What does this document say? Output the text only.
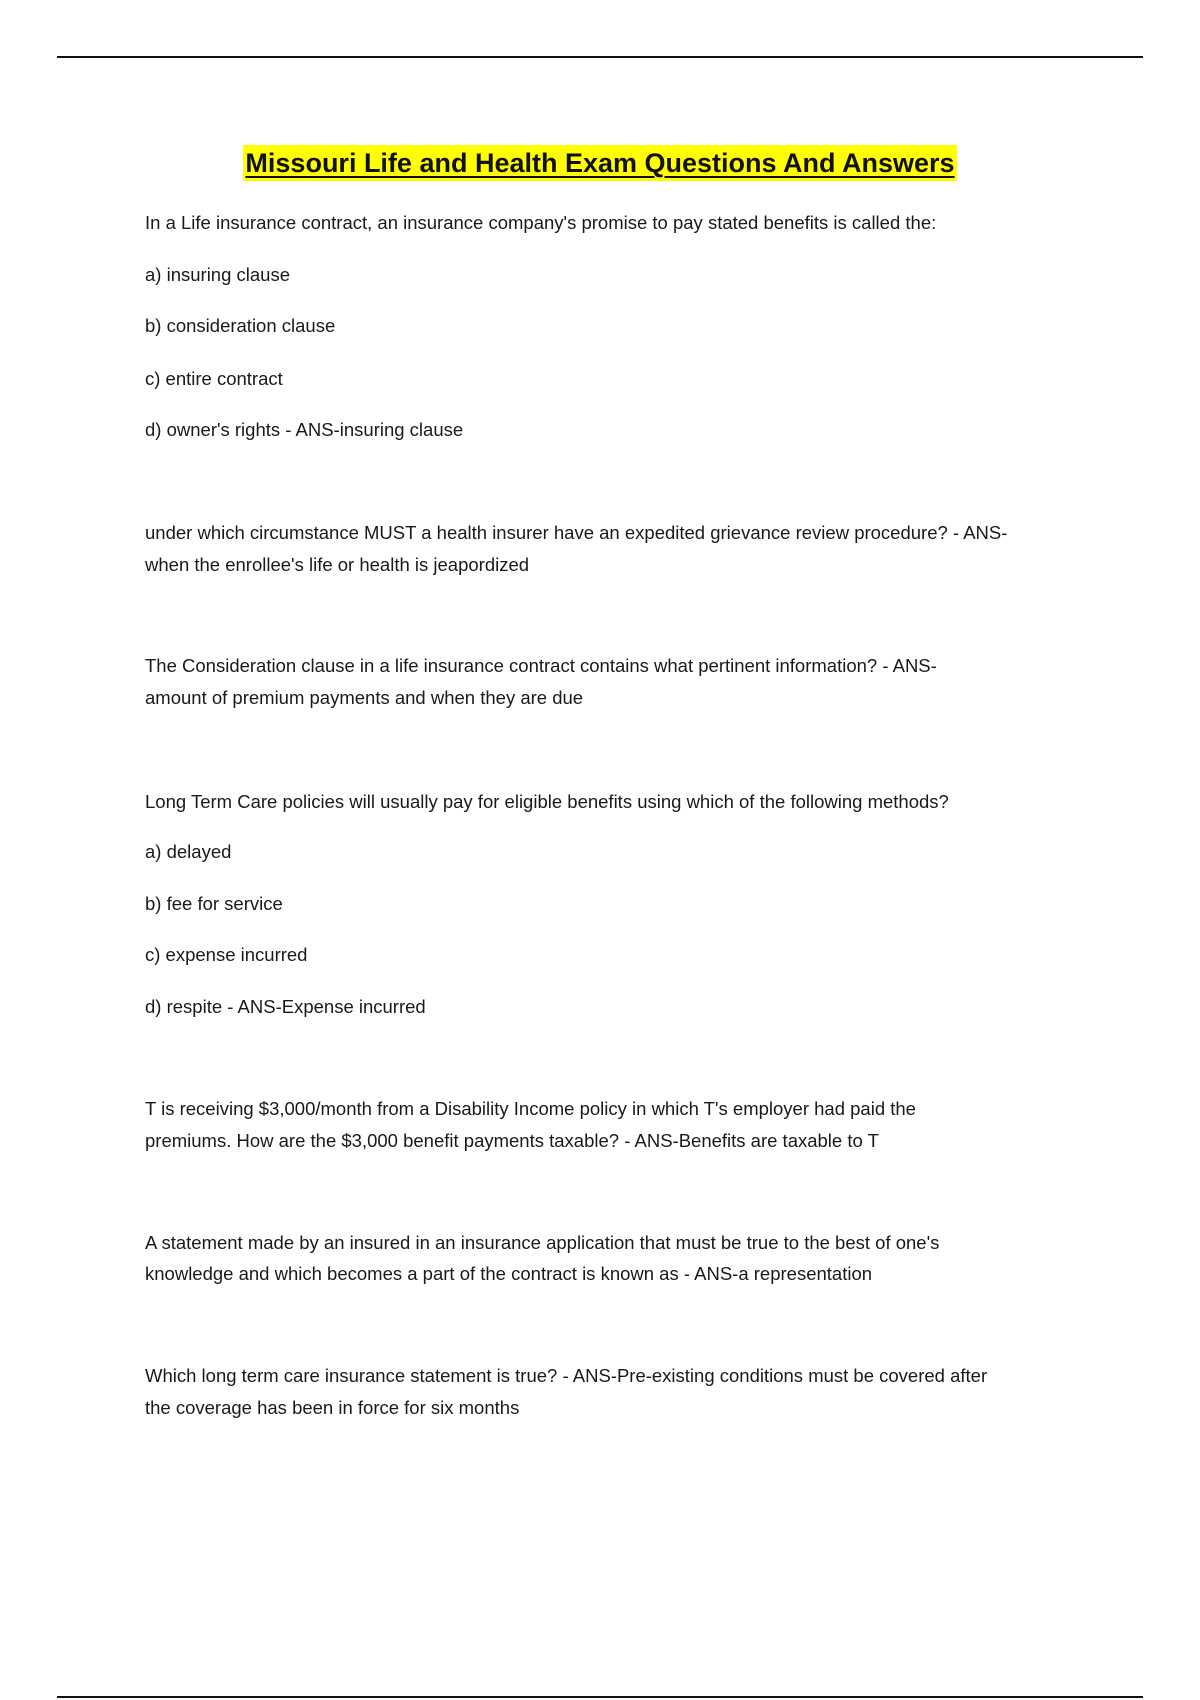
Missouri Life and Health Exam Questions And Answers
In a Life insurance contract, an insurance company's promise to pay stated benefits is called the:
a) insuring clause
b) consideration clause
c) entire contract
d) owner's rights - ANS-insuring clause
under which circumstance MUST a health insurer have an expedited grievance review procedure? - ANS-
when the enrollee's life or health is jeapordized
The Consideration clause in a life insurance contract contains what pertinent information? - ANS-
amount of premium payments and when they are due
Long Term Care policies will usually pay for eligible benefits using which of the following methods?
a) delayed
b) fee for service
c) expense incurred
d) respite - ANS-Expense incurred
T is receiving $3,000/month from a Disability Income policy in which T's employer had paid the
premiums. How are the $3,000 benefit payments taxable? - ANS-Benefits are taxable to T
A statement made by an insured in an insurance application that must be true to the best of one's
knowledge and which becomes a part of the contract is known as - ANS-a representation
Which long term care insurance statement is true? - ANS-Pre-existing conditions must be covered after
the coverage has been in force for six months
